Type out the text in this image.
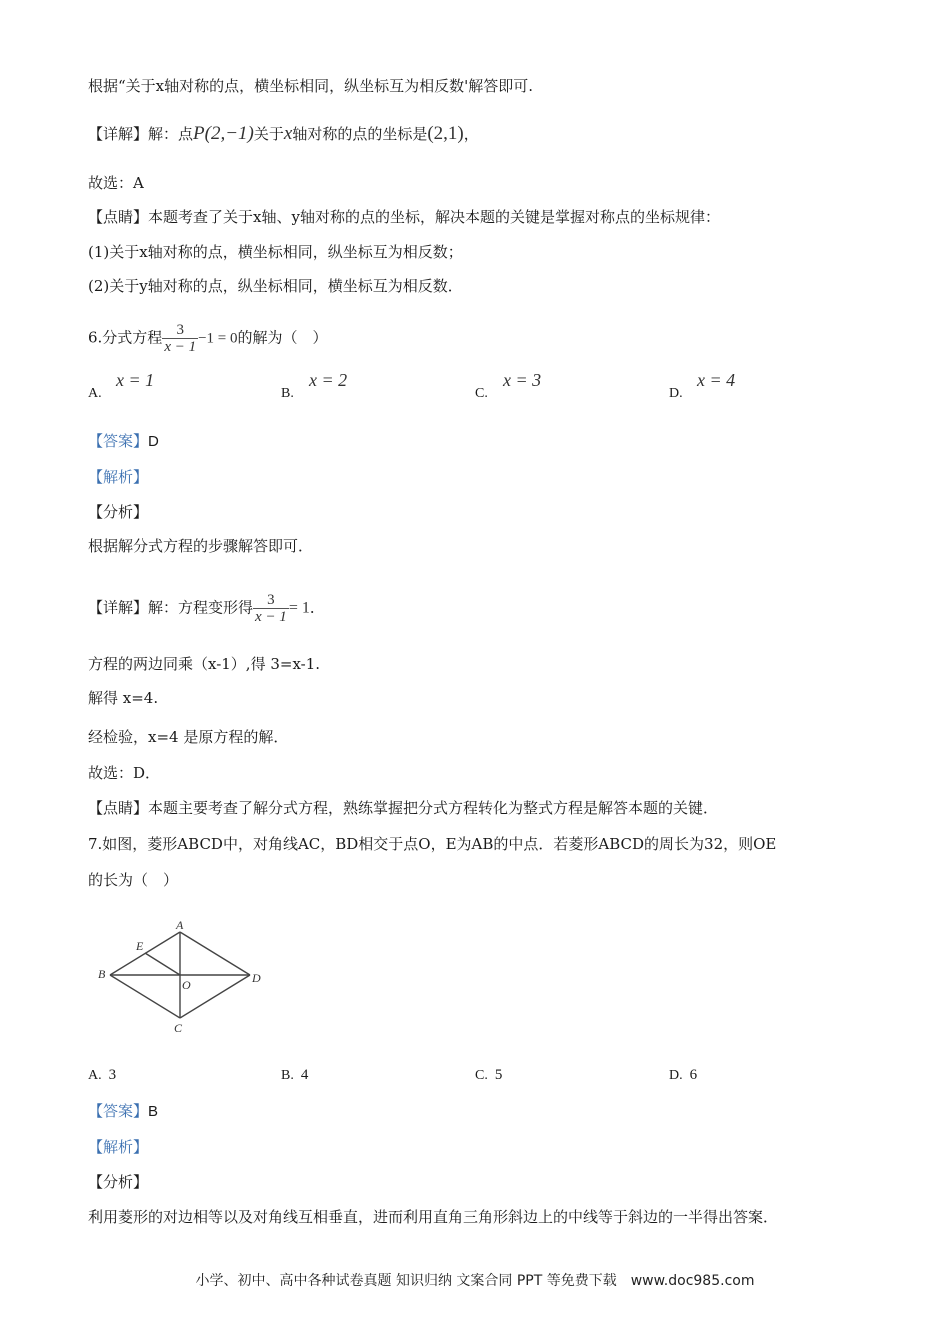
根据“关于x轴对称的点，横坐标相同，纵坐标互为相反数'解答即可.
【详解】解：点P(2,−1)关于x轴对称的点的坐标是(2,1)，
故选：A
【点睛】本题考查了关于x轴、y轴对称的点的坐标，解决本题的关键是掌握对称点的坐标规律：
(1)关于x轴对称的点，横坐标相同，纵坐标互为相反数；
(2)关于y轴对称的点，纵坐标相同，横坐标互为相反数．
6.分式方程 $\frac{3}{x - 1} -1 = 0$的解为（　）
A.
x = 1
B.
x = 2
C.
x = 3
D.
x = 4
【答案】D
【解析】
【分析】
根据解分式方程的步骤解答即可．
【详解】解：方程变形得 $\frac{3}{x - 1} = 1$．
方程的两边同乘（x-1）,得 3=x-1.
解得 x=4.
经检验，x=4 是原方程的解．
故选：D．
【点睛】本题主要考查了解分式方程，熟练掌握把分式方程转化为整式方程是解答本题的关键．
7.如图，菱形ABCD中，对角线AC，BD相交于点O，E为AB的中点．若菱形ABCD的周长为32，则OE
的长为（　）
A
B
C
D
E
O
A. 3	B. 4	C. 5	D. 6
【答案】B
【解析】
【分析】
利用菱形的对边相等以及对角线互相垂直，进而利用直角三角形斜边上的中线等于斜边的一半得出答案．
小学、初中、高中各种试卷真题 知识归纳 文案合同 PPT 等免费下载　www.doc985.com
